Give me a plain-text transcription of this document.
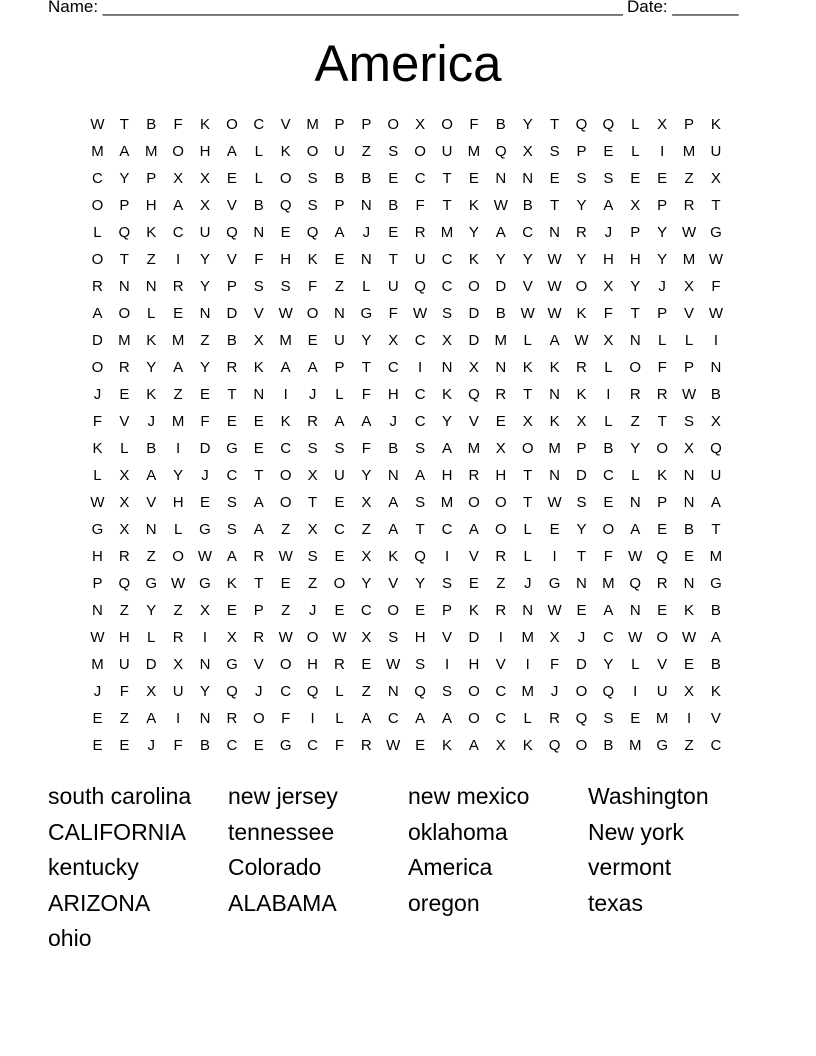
Name: _______________________________________________________

Date: _______

America
W	T	B	F	K	O	C	V	M	P	P	O	X	O	F	B	Y	T	Q	Q	L	X	P	K
M	A	M O	H	A	L	K	O	U	Z	S	O	U	M Q	X	S	P	E	L	I	M	U
C	Y	P	X	X	E	L	O	S	B	B	E	C	T	E	N	N	E	S	S	E	E	Z	X
O	P	H	A	X	V	B	Q	S	P	N	B	F	T	K W B	T	Y	A	X	P	R	T
L	Q	K	C	U	Q	N	E	Q	A	J	E	R	M	Y	A	C	N	R	J	P	Y W G
O	T	Z	I	Y	V	F	H	K	E	N	T	U	C	K	Y	Y W Y	H	H	Y	M W
R	N	N	R	Y	P	S	S	F	Z	L	U	Q	C	O	D	V W O	X	Y	J	X	F
A	O	L	E	N	D	V W O	N	G	F	W S	D	B W W K	F	T	P	V W
D	M	K	M	Z	B	X	M	E	U	Y	X	C	X	D	M	L	A W X	N	L	L	I
O	R	Y	A	Y	R	K	A	A	P	T	C	I	N	X	N	K	K	R	L	O	F	P	N
J	E	K	Z	E	T	N	I	J	L	F	H	C	K	Q	R	T	N	K	I	R	R W B
F	V	J	M	F	E	E	K	R	A	A	J	C	Y	V	E	X	K	X	L	Z	T	S	X
K	L	B	I	D	G	E	C	S	S	F	B	S	A	M	X	O M	P	B	Y	O	X	Q
L	X	A	Y	J	C	T	O	X	U	Y	N	A	H	R	H	T	N	D	C	L	K	N	U
W X	V	H	E	S	A	O	T	E	X	A	S	M O	O	T	W S	E	N	P	N	A
G	X	N	L	G	S	A	Z	X	C	Z	A	T	C	A	O	L	E	Y	O	A	E	B	T
H	R	Z	O W A	R W S	E	X	K	Q	I	V	R	L	I	T	F	W Q	E	M
P	Q	G W G	K	T	E	Z	O	Y	V	Y	S	E	Z	J	G	N	M Q	R	N	G
N	Z	Y	Z	X	E	P	Z	J	E	C	O	E	P	K	R	N W E	A	N	E	K	B
W H	L	R	I	X	R W O W X	S	H	V	D	I	M	X	J	C W O W A
M	U	D	X	N	G	V	O	H	R	E W S	I	H	V	I	F	D	Y	L	V	E	B
J	F	X	U	Y	Q	J	C	Q	L	Z	N	Q	S	O	C	M	J	O	Q	I	U	X	K
E	Z	A	I	N	R	O	F	I	L	A	C	A	A	O	C	L	R	Q	S	E	M	I	V
E	E	J	F	B	C	E	G	C	F	R W E	K	A	X	K	Q	O	B	M G	Z	C
south carolina	new jersey	new mexico	Washington
CALIFORNIA	tennessee	oklahoma	New york
kentucky	Colorado	America	vermont
ARIZONA	ALABAMA	oregon	texas
ohio
